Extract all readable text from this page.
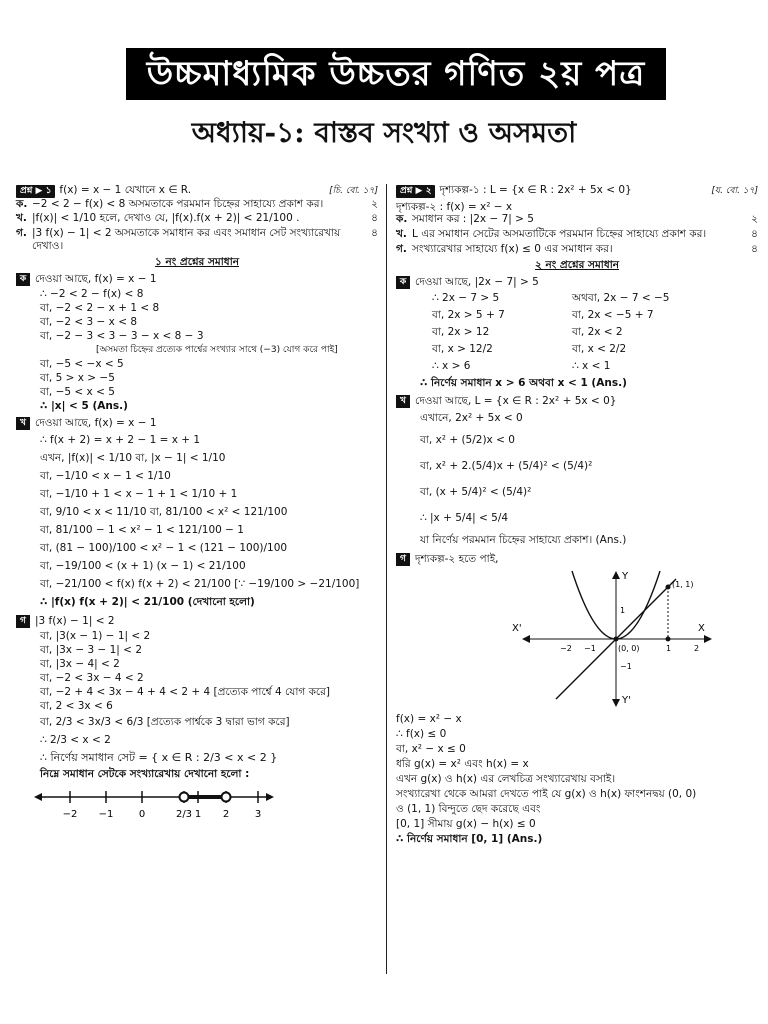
উচ্চমাধ্যমিক উচ্চতর গণিত ২য় পত্র
অধ্যায়-১: বাস্তব সংখ্যা ও অসমতা
প্রশ্ন ▶ ১ f(x) = x − 1 যেখানে x ∈ R.	[চি. বো. ১৭]
ক. −2 < 2 − f(x) < 8 অসমতাকে পরমমান চিহ্নের সাহায্যে প্রকাশ কর।	২
খ. |f(x)| < 1/10 হলে, দেখাও যে, |f(x).f(x + 2)| < 21/100 .	৪
গ. |3 f(x) − 1| < 2 অসমতাকে সমাধান কর এবং সমাধান সেট সংখ্যারেখায় দেখাও।
৪
১ নং প্রশ্নের সমাধান
ক দেওয়া আছে, f(x) = x − 1
∴ −2 < 2 − f(x) < 8
বা, −2 < 2 − x + 1 < 8
বা, −2 < 3 − x < 8
বা, −2 − 3 < 3 − 3 − x < 8 − 3
[অসমতা চিহ্নের প্রত্যেক পার্শ্বের সংখ্যার সাথে (−3) যোগ করে পাই]
বা, −5 < −x < 5
বা, 5 > x > −5
বা, −5 < x < 5
∴ |x| < 5 (Ans.)
খ দেওয়া আছে, f(x) = x − 1
∴ f(x + 2) = x + 2 − 1 = x + 1
এখন, |f(x)| < 1/10 বা, |x − 1| < 1/10
বা, −1/10 < x − 1 < 1/10
বা, −1/10 + 1 < x − 1 + 1 < 1/10 + 1
বা, 9/10 < x < 11/10 বা, 81/100 < x² < 121/100
বা, 81/100 − 1 < x² − 1 < 121/100 − 1
বা, (81 − 100)/100 < x² − 1 < (121 − 100)/100
বা, −19/100 < (x + 1) (x − 1) < 21/100
বা, −21/100 < f(x) f(x + 2) < 21/100 [∵ −19/100 > −21/100]
∴ |f(x) f(x + 2)| < 21/100 (দেখানো হলো)
গ |3 f(x) − 1| < 2
বা, |3(x − 1) − 1| < 2
বা, |3x − 3 − 1| < 2
বা, |3x − 4| < 2
বা, −2 < 3x − 4 < 2
বা, −2 + 4 < 3x − 4 + 4 < 2 + 4 [প্রত্যেক পার্শ্বে 4 যোগ করে]
বা, 2 < 3x < 6
বা, 2/3 < 3x/3 < 6/3 [প্রত্যেক পার্শ্বকে 3 দ্বারা ভাগ করে]
∴ 2/3 < x < 2
∴ নির্ণেয় সমাধান সেট = { x ∈ R : 2/3 < x < 2 }
নিম্নে সমাধান সেটকে সংখ্যারেখায় দেখানো হলো :
−2 −1	0	2/3 1 2	3
প্রশ্ন ▶ ২ দৃশ্যকল্প-১ : L = {x ∈ R : 2x² + 5x < 0}	[য. বো. ১৭]
দৃশ্যকল্প-২ : f(x) = x² − x
ক. সমাধান কর : |2x − 7| > 5	২
খ. L এর সমাধান সেটের অসমতাটিকে পরমমান চিহ্নের সাহায্যে প্রকাশ কর।	৪
গ. সংখ্যারেখার সাহায্যে f(x) ≤ 0 এর সমাধান কর।	৪
২ নং প্রশ্নের সমাধান
ক দেওয়া আছে, |2x − 7| > 5
∴ 2x − 7 > 5	অথবা, 2x − 7 < −5
বা, 2x > 5 + 7	বা, 2x < −5 + 7
বা, 2x > 12	বা, 2x < 2
বা, x > 12/2	বা, x < 2/2
∴ x > 6	∴ x < 1
∴ নির্ণেয় সমাধান x > 6 অথবা x < 1 (Ans.)
খ দেওয়া আছে, L = {x ∈ R : 2x² + 5x < 0}
এখানে, 2x² + 5x < 0
বা, x² + (5/2)x < 0
বা, x² + 2.(5/4)x + (5/4)² < (5/4)²
বা, (x + 5/4)² < (5/4)²
∴ |x + 5/4| < 5/4
যা নির্ণেয় পরমমান চিহ্নের সাহায্যে প্রকাশ। (Ans.)
গ দৃশ্যকল্প-২ হতে পাই,
X
X'
Y
Y'
(0, 0)
(1, 1)
−2 −1	1	2
1
−1
f(x) = x² − x
∴ f(x) ≤ 0
বা, x² − x ≤ 0
ধরি g(x) = x² এবং h(x) = x
এখন g(x) ও h(x) এর লেখচিত্র সংখ্যারেখায় বসাই।
সংখ্যারেখা থেকে আমরা দেখতে পাই যে g(x) ও h(x) ফাংশনদ্বয় (0, 0)
ও (1, 1) বিন্দুতে ছেদ করেছে এবং
[0, 1] সীমায় g(x) − h(x) ≤ 0
∴ নির্ণেয় সমাধান [0, 1] (Ans.)
